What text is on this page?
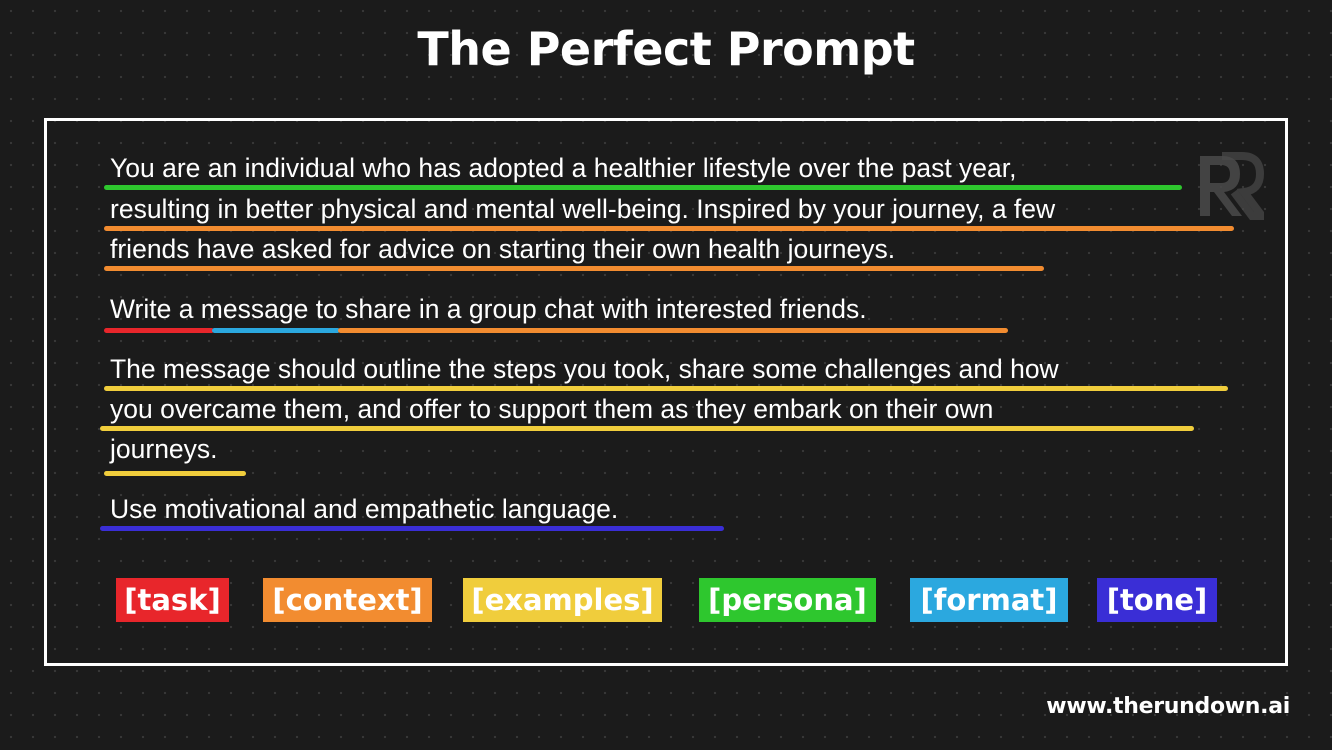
The Perfect Prompt
You are an individual who has adopted a healthier lifestyle over the past year,
resulting in better physical and mental well-being. Inspired by your journey, a few
friends have asked for advice on starting their own health journeys.
Write a message to share in a group chat with interested friends.
The message should outline the steps you took, share some challenges and how
you overcame them, and offer to support them as they embark on their own
journeys.
Use motivational and empathetic language.
[task]	[context]	[examples]	[persona]	[format]	[tone]
www.therundown.ai
